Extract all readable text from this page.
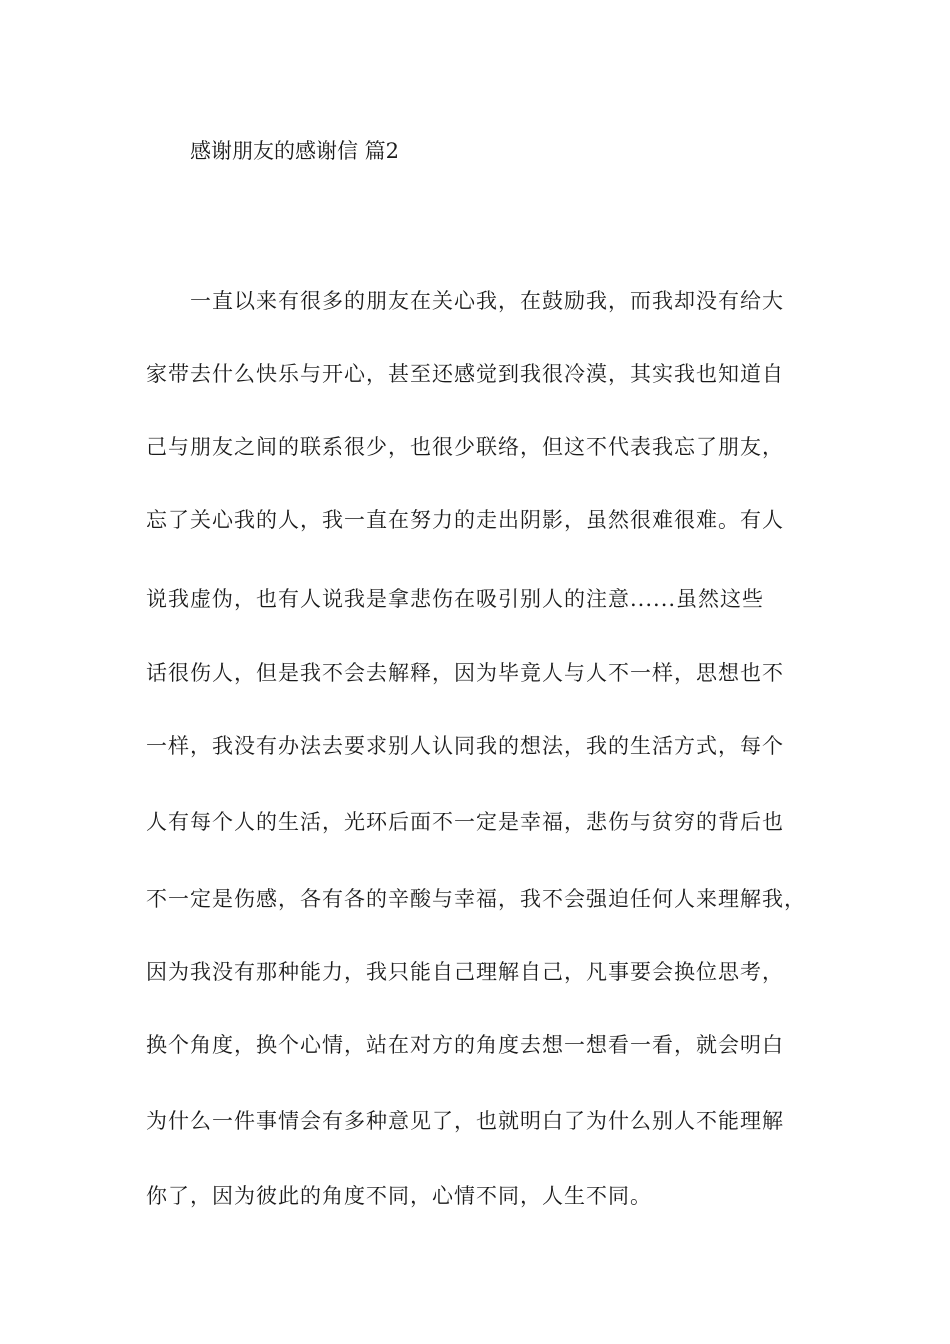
感谢朋友的感谢信 篇2
一直以来有很多的朋友在关心我，在鼓励我，而我却没有给大
家带去什么快乐与开心，甚至还感觉到我很冷漠，其实我也知道自
己与朋友之间的联系很少，也很少联络，但这不代表我忘了朋友，
忘了关心我的人，我一直在努力的走出阴影，虽然很难很难。有人
说我虚伪，也有人说我是拿悲伤在吸引别人的注意......虽然这些
话很伤人，但是我不会去解释，因为毕竟人与人不一样，思想也不
一样，我没有办法去要求别人认同我的想法，我的生活方式，每个
人有每个人的生活，光环后面不一定是幸福，悲伤与贫穷的背后也
不一定是伤感，各有各的辛酸与幸福，我不会强迫任何人来理解我，
因为我没有那种能力，我只能自己理解自己，凡事要会换位思考，
换个角度，换个心情，站在对方的角度去想一想看一看，就会明白
为什么一件事情会有多种意见了，也就明白了为什么别人不能理解
你了，因为彼此的角度不同，心情不同，人生不同。
